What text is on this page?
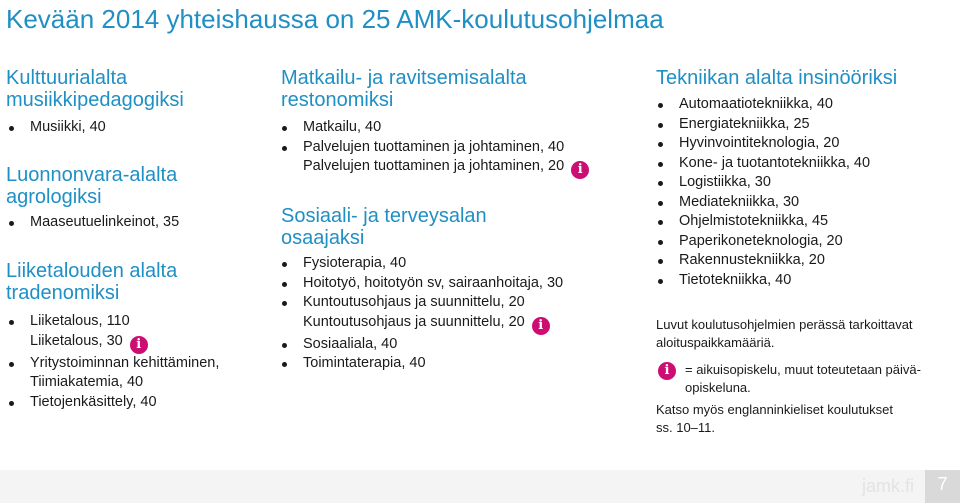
Kevään 2014 yhteishaussa on 25 AMK-koulutusohjelmaa
Kulttuurialalta
musiikkipedagogiksi
Musiikki, 40
Luonnonvara-alalta
agrologiksi
Maaseutuelinkeinot, 35
Liiketalouden alalta
tradenomiksi
Liiketalous, 110
Liiketalous, 30 i
Yritystoiminnan kehittäminen,
Tiimiakatemia, 40
Tietojenkäsittely, 40
Matkailu- ja ravitsemisalalta
restonomiksi
Matkailu, 40
Palvelujen tuottaminen ja johtaminen, 40
Palvelujen tuottaminen ja johtaminen, 20 i
Sosiaali- ja terveysalan
osaajaksi
Fysioterapia, 40
Hoitotyö, hoitotyön sv, sairaanhoitaja, 30
Kuntoutusohjaus ja suunnittelu, 20
Kuntoutusohjaus ja suunnittelu, 20 i
Sosiaaliala, 40
Toimintaterapia, 40
Tekniikan alalta insinööriksi
Automaatiotekniikka, 40
Energiatekniikka, 25
Hyvinvointiteknologia, 20
Kone- ja tuotantotekniikka, 40
Logistiikka, 30
Mediatekniikka, 30
Ohjelmistotekniikka, 45
Paperikoneteknologia, 20
Rakennustekniikka, 20
Tietotekniikka, 40
Luvut koulutusohjelmien perässä tarkoittavat
aloituspaikkamääriä.
i	= aikuisopiskelu, muut toteutetaan päivä-
opiskeluna.
Katso myös englanninkieliset koulutukset
ss. 10–11.
jamk.fi	7
